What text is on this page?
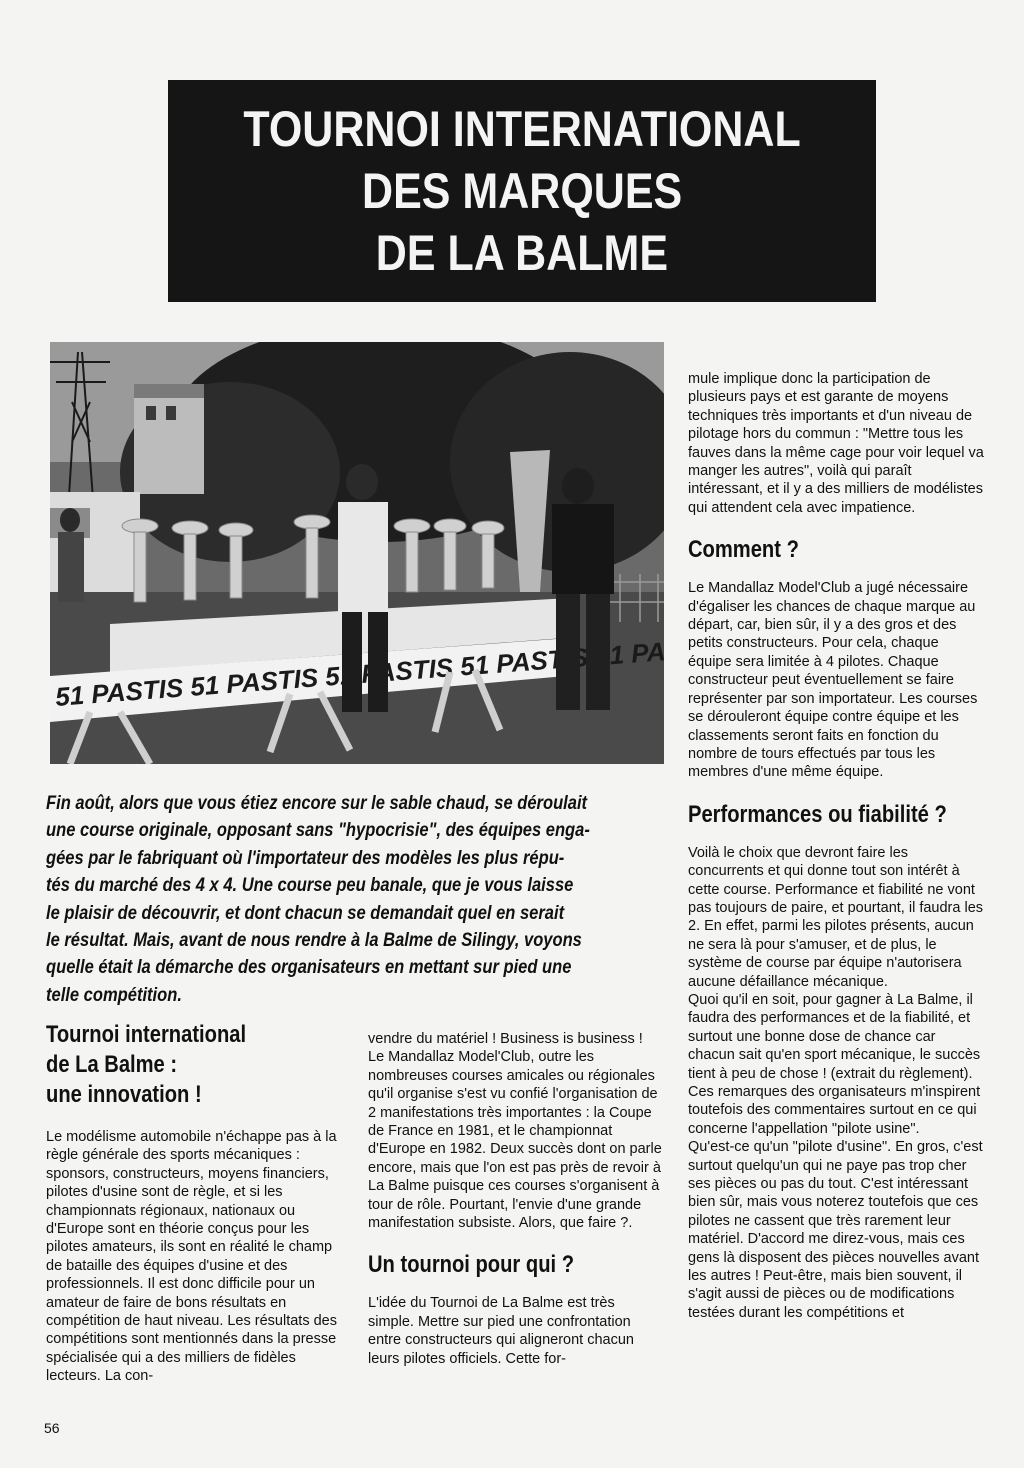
TOURNOI INTERNATIONAL
DES MARQUES
DE LA BALME
51 PASTIS 51 PASTIS 51 PASTIS 51 PASTIS PASTIS

mule implique donc la participation de plusieurs pays et est garante de moyens techniques très importants et d'un niveau de pilotage hors du commun : "Mettre tous les fauves dans la même cage pour voir lequel va manger les autres", voilà qui paraît intéressant, et il y a des milliers de modélistes qui attendent cela avec impatience.

Comment ?

Le Mandallaz Model'Club a jugé nécessaire d'égaliser les chances de chaque marque au départ, car, bien sûr, il y a des gros et des petits constructeurs. Pour cela, chaque équipe sera limitée à 4 pilotes. Chaque constructeur peut éventuellement se faire représenter par son importateur. Les courses se dérouleront équipe contre équipe et les classements seront faits en fonction du nombre de tours effectués par tous les membres d'une même équipe.

Performances ou fiabilité ?

Voilà le choix que devront faire les concurrents et qui donne tout son intérêt à cette course. Performance et fiabilité ne vont pas toujours de paire, et pourtant, il faudra les 2. En effet, parmi les pilotes présents, aucun ne sera là pour s'amuser, et de plus, le système de course par équipe n'autorisera aucune défaillance mécanique.

Quoi qu'il en soit, pour gagner à La Balme, il faudra des performances et de la fiabilité, et surtout une bonne dose de chance car chacun sait qu'en sport mécanique, le succès tient à peu de chose ! (extrait du règlement).

Ces remarques des organisateurs m'inspirent toutefois des commentaires surtout en ce qui concerne l'appellation "pilote usine".

Qu'est-ce qu'un "pilote d'usine". En gros, c'est surtout quelqu'un qui ne paye pas trop cher ses pièces ou pas du tout. C'est intéressant bien sûr, mais vous noterez toutefois que ces pilotes ne cassent que très rarement leur matériel. D'accord me direz-vous, mais ces gens là disposent des pièces nouvelles avant les autres ! Peut-être, mais bien souvent, il s'agit aussi de pièces ou de modifications testées durant les compétitions et

Fin août, alors que vous étiez encore sur le sable chaud, se déroulait
une course originale, opposant sans "hypocrisie", des équipes enga-
gées par le fabriquant où l'importateur des modèles les plus répu-
tés du marché des 4 x 4. Une course peu banale, que je vous laisse
le plaisir de découvrir, et dont chacun se demandait quel en serait
le résultat. Mais, avant de nous rendre à la Balme de Silingy, voyons
quelle était la démarche des organisateurs en mettant sur pied une
telle compétition.
Tournoi international
de La Balme :
une innovation !

Le modélisme automobile n'échappe pas à la règle générale des sports mécaniques : sponsors, constructeurs, moyens financiers, pilotes d'usine sont de règle, et si les championnats régionaux, nationaux ou d'Europe sont en théorie conçus pour les pilotes amateurs, ils sont en réalité le champ de bataille des équipes d'usine et des professionnels. Il est donc difficile pour un amateur de faire de bons résultats en compétition de haut niveau. Les résultats des compétitions sont mentionnés dans la presse spécialisée qui a des milliers de fidèles lecteurs. La con-

vendre du matériel ! Business is business !

Le Mandallaz Model'Club, outre les nombreuses courses amicales ou régionales qu'il organise s'est vu confié l'organisation de 2 manifestations très importantes : la Coupe de France en 1981, et le championnat d'Europe en 1982. Deux succès dont on parle encore, mais que l'on est pas près de revoir à La Balme puisque ces courses s'organisent à tour de rôle. Pourtant, l'envie d'une grande manifestation subsiste. Alors, que faire ?.

Un tournoi pour qui ?

L'idée du Tournoi de La Balme est très simple. Mettre sur pied une confrontation entre constructeurs qui aligneront chacun leurs pilotes officiels. Cette for-

56
